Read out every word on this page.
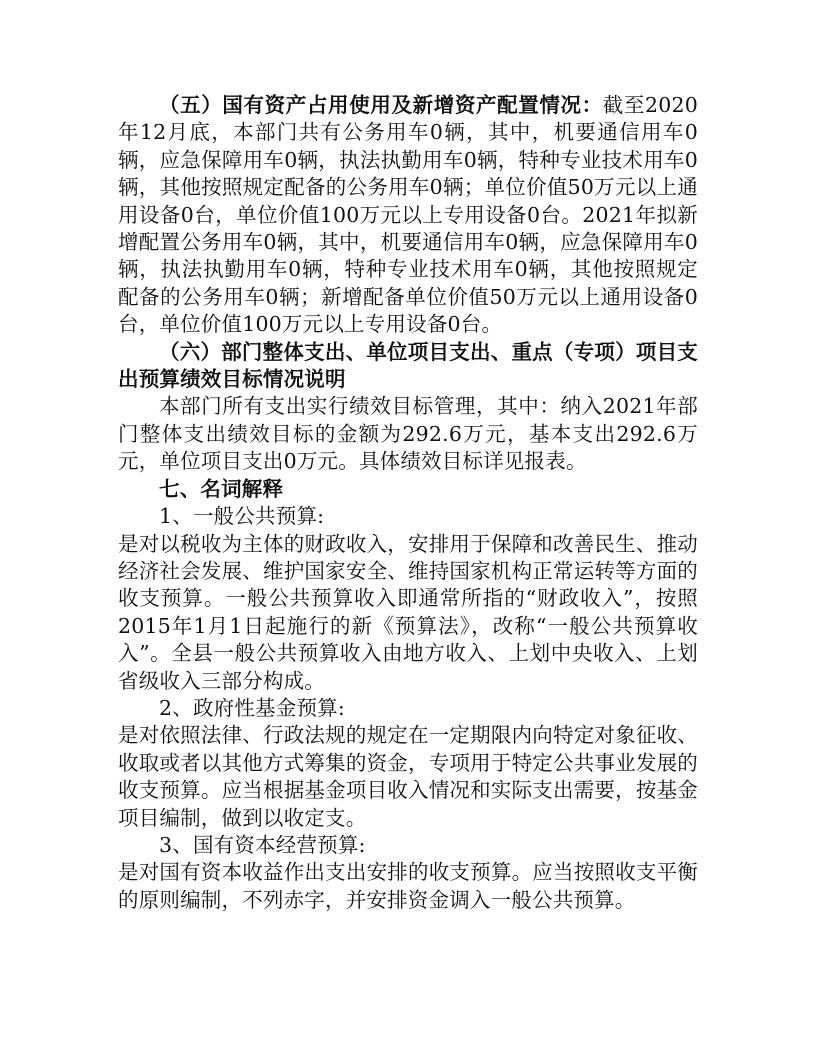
（五）国有资产占用使用及新增资产配置情况：截至2020年12月底，本部门共有公务用车0辆，其中，机要通信用车0辆，应急保障用车0辆，执法执勤用车0辆，特种专业技术用车0辆，其他按照规定配备的公务用车0辆；单位价值50万元以上通用设备0台，单位价值100万元以上专用设备0台。2021年拟新增配置公务用车0辆，其中，机要通信用车0辆，应急保障用车0辆，执法执勤用车0辆，特种专业技术用车0辆，其他按照规定配备的公务用车0辆；新增配备单位价值50万元以上通用设备0台，单位价值100万元以上专用设备0台。

（六）部门整体支出、单位项目支出、重点（专项）项目支出预算绩效目标情况说明

本部门所有支出实行绩效目标管理，其中：纳入2021年部门整体支出绩效目标的金额为292.6万元，基本支出292.6万元，单位项目支出0万元。具体绩效目标详见报表。

七、名词解释

1、一般公共预算:

是对以税收为主体的财政收入，安排用于保障和改善民生、推动经济社会发展、维护国家安全、维持国家机构正常运转等方面的收支预算。一般公共预算收入即通常所指的“财政收入”，按照2015年1月1日起施行的新《预算法》，改称“一般公共预算收入”。全县一般公共预算收入由地方收入、上划中央收入、上划省级收入三部分构成。

2、政府性基金预算:

是对依照法律、行政法规的规定在一定期限内向特定对象征收、收取或者以其他方式筹集的资金，专项用于特定公共事业发展的收支预算。应当根据基金项目收入情况和实际支出需要，按基金项目编制，做到以收定支。

3、国有资本经营预算:

是对国有资本收益作出支出安排的收支预算。应当按照收支平衡的原则编制，不列赤字，并安排资金调入一般公共预算。
